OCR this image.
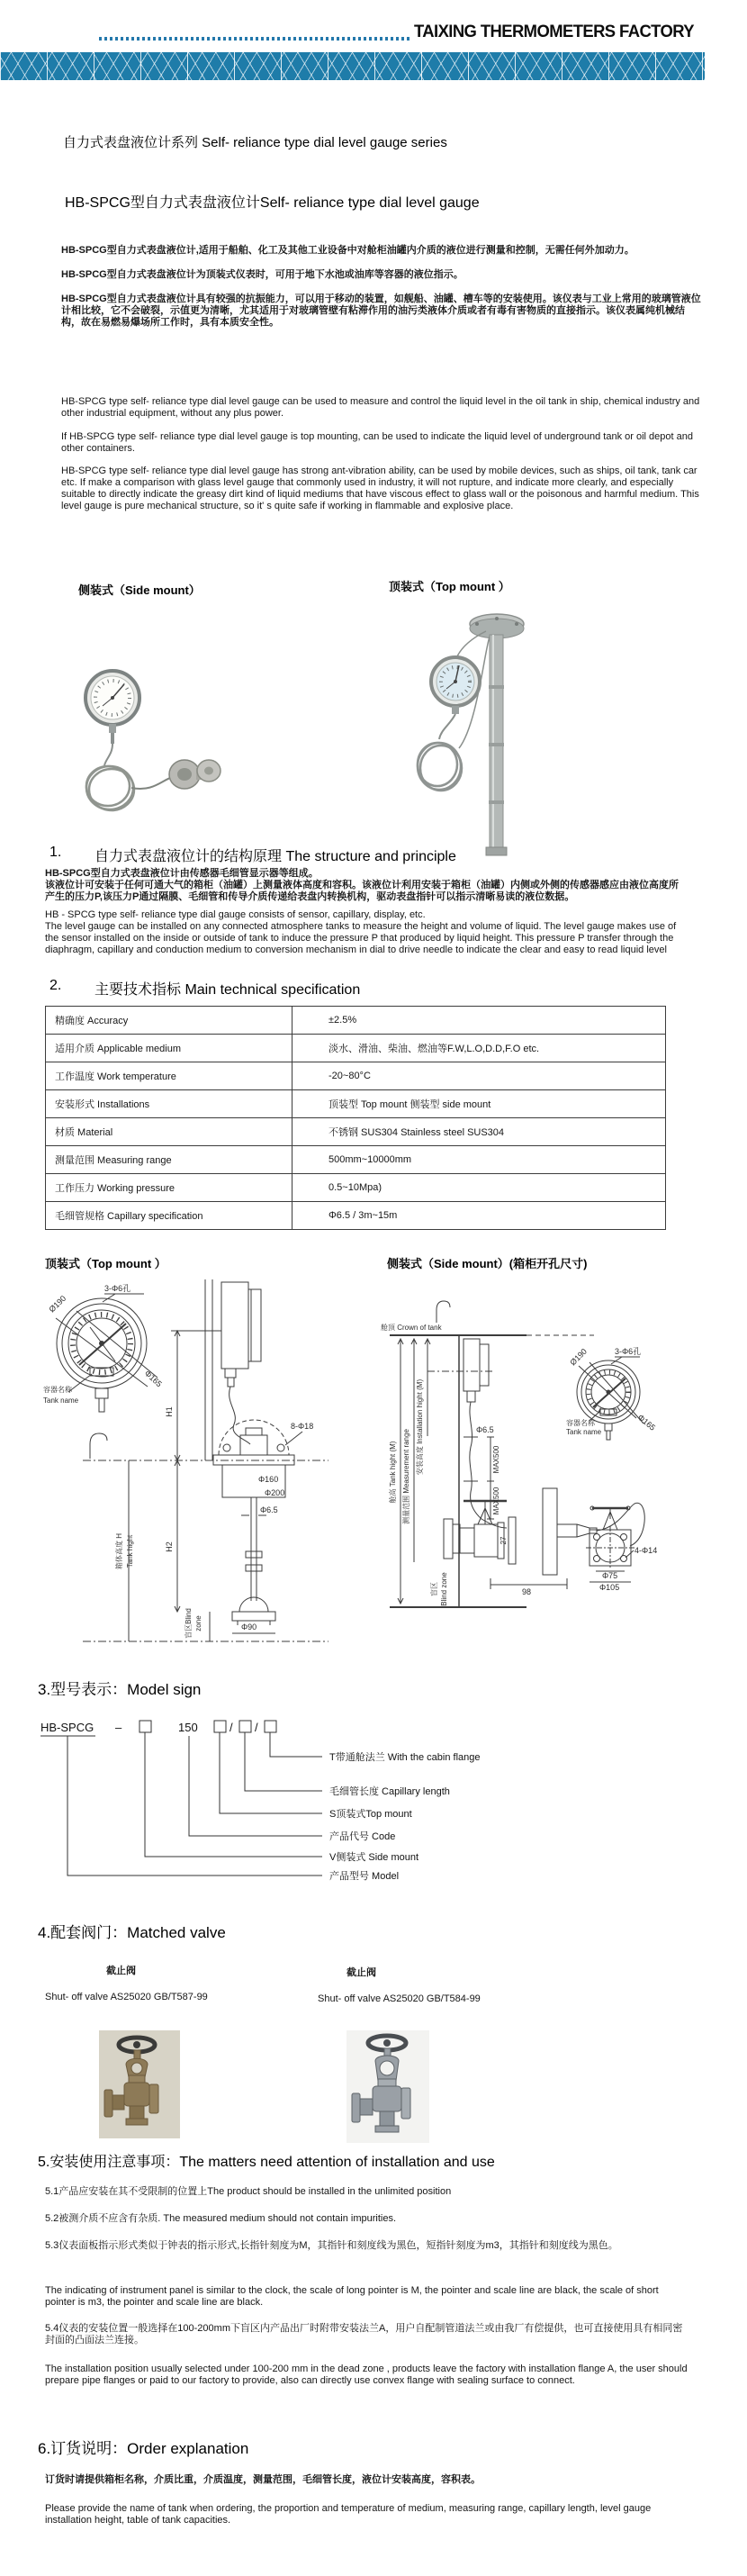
TAIXING THERMOMETERS FACTORY
自力式表盘液位计系列 Self- reliance type dial level gauge series
HB-SPCG型自力式表盘液位计Self- reliance type dial level gauge
HB-SPCG型自力式表盘液位计,适用于船舶、化工及其他工业设备中对舱柜油罐内介质的液位进行测量和控制，无需任何外加动力。
HB-SPCG型自力式表盘液位计为顶装式仪表时，可用于地下水池或油库等容器的液位指示。
HB-SPCG型自力式表盘液位计具有较强的抗振能力，可以用于移动的装置，如舰船、油罐、槽车等的安装使用。该仪表与工业上常用的玻璃管液位计相比较，它不会破裂，示值更为清晰，尤其适用于对玻璃管壁有粘滞作用的油污类液体介质或者有毒有害物质的直接指示。该仪表属纯机械结构，故在易燃易爆场所工作时，具有本质安全性。
HB-SPCG type self- reliance type dial level gauge can be used to measure and control the liquid level in the oil tank in ship, chemical industry and other industrial equipment, without any plus power.
If HB-SPCG type self- reliance type dial level gauge is top mounting, can be used to indicate the liquid level of underground tank or oil depot and other containers.
HB-SPCG type self- reliance type dial level gauge has strong ant-vibration ability, can be used by mobile devices, such as ships, oil tank, tank car etc. If make a comparison with glass level gauge that commonly used in industry, it will not rupture, and indicate more clearly, and especially suitable to directly indicate the greasy dirt kind of liquid mediums that have viscous effect to glass wall or the poisonous and harmful medium. This level gauge is pure mechanical structure, so it' s quite safe if working in flammable and explosive place.
侧装式（Side mount）	顶装式（Top mount ）
1. 自力式表盘液位计的结构原理 The structure and principle
HB-SPCG型自力式表盘液位计由传感器毛细管显示器等组成。
该液位计可安装于任何可通大气的箱柜（油罐）上测量液体高度和容积。该液位计利用安装于箱柜（油罐）内侧或外侧的传感器感应由液位高度所产生的压力P,该压力P通过隔膜、毛细管和传导介质传递给表盘内转换机构，驱动表盘指针可以指示清晰易读的液位数据。
HB - SPCG type self- reliance type dial gauge consists of sensor, capillary, display, etc.
The level gauge can be installed on any connected atmosphere tanks to measure the height and volume of liquid. The level gauge makes use of the sensor installed on the inside or outside of tank to induce the pressure P that produced by liquid height. This pressure P transfer through the diaphragm, capillary and conduction medium to conversion mechanism in dial to drive needle to indicate the clear and easy to read liquid level
2. 主要技术指标 Main technical specification
精确度 Accuracy	±2.5%
适用介质 Applicable medium	淡水、滑油、柴油、燃油等F.W,L.O,D.D,F.O etc.
工作温度 Work temperature	-20~80°C
安装形式 Installations	顶装型 Top mount 侧装型 side mount
材质 Material	不锈钢 SUS304 Stainless steel SUS304
测量范围 Measuring range	500mm~10000mm
工作压力 Working pressure	0.5~10Mpa)
毛细管规格 Capillary specification	Φ6.5 / 3m~15m
顶装式（Top mount ）	侧装式（Side mount）(箱柜开孔尺寸)
3-Φ6孔
Ø190
Φ165
容器名称
Tank name
H1
H2
8-Φ18
Φ160
Φ200
Φ6.5
箱体高度 H Tank hight
盲区Blind zone	Φ90
舱顶 Crown of tank
舱高 Tank hight (M) 测量范围 Measurement range
安装高度 Installation hight (M)	Φ6.5
MAX500
MAX500
盲区 Blind zone
27
98
3-Φ6孔
Ø190
Φ165
容器名称
Tank name
4-Φ14
Φ75
Φ105
3.型号表示：Model sign
HB-SPCG –	150	/ /
T带通舱法兰 With the cabin flange
毛细管长度 Capillary length
S顶装式Top mount
产品代号 Code
V侧装式 Side mount
产品型号 Model
4.配套阀门：Matched valve
截止阀	截止阀
Shut- off valve AS25020 GB/T587-99	Shut- off valve AS25020 GB/T584-99
5.安装使用注意事项：The matters need attention of installation and use
5.1产品应安装在其不受限制的位置上The product should be installed in the unlimited position
5.2被测介质不应含有杂质. The measured medium should not contain impurities.
5.3仪表面板指示形式类似于钟表的指示形式,长指针刻度为M，其指针和刻度线为黑色，短指针刻度为m3，其指针和刻度线为黑色。
The indicating of instrument panel is similar to the clock, the scale of long pointer is M, the pointer and scale line are black, the scale of short pointer is m3, the pointer and scale line are black.
5.4仪表的安装位置一般选择在100-200mm下盲区内产品出厂时附带安装法兰A，用户自配制管道法兰或由我厂有偿提供，也可直接使用具有相同密封面的凸面法兰连接。
The installation position usually selected under 100-200 mm in the dead zone , products leave the factory with installation flange A, the user should prepare pipe flanges or paid to our factory to provide, also can directly use convex flange with sealing surface to connect.
6.订货说明：Order explanation
订货时请提供箱柜名称，介质比重，介质温度，测量范围，毛细管长度，液位计安装高度，容积表。
Please provide the name of tank when ordering, the proportion and temperature of medium, measuring range, capillary length, level gauge installation height, table of tank capacities.
